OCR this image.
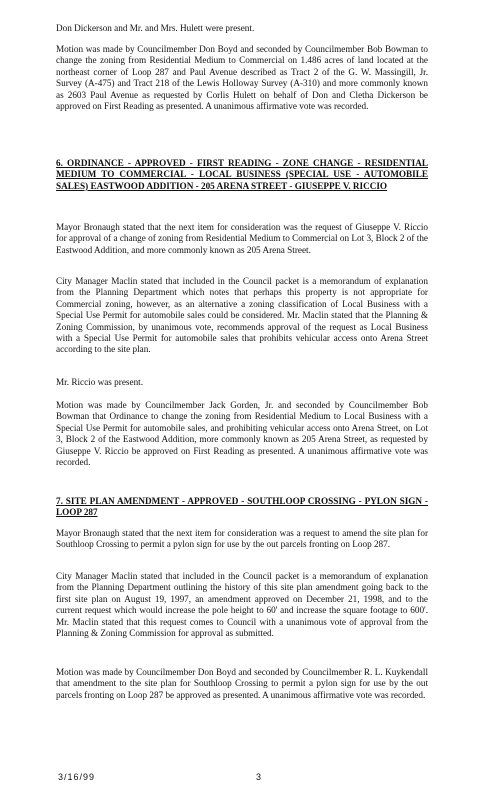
Don Dickerson and Mr. and Mrs. Hulett were present.
Motion was made by Councilmember Don Boyd and seconded by Councilmember Bob Bowman to change the zoning from Residential Medium to Commercial on 1.486 acres of land located at the northeast corner of Loop 287 and Paul Avenue described as Tract 2 of the G. W. Massingill, Jr. Survey (A-475) and Tract 218 of the Lewis Holloway Survey (A-310) and more commonly known as 2603 Paul Avenue as requested by Corlis Hulett on behalf of Don and Cletha Dickerson be approved on First Reading as presented. A unanimous affirmative vote was recorded.
6. ORDINANCE - APPROVED - FIRST READING - ZONE CHANGE - RESIDENTIAL MEDIUM TO COMMERCIAL - LOCAL BUSINESS (SPECIAL USE - AUTOMOBILE SALES) EASTWOOD ADDITION - 205 ARENA STREET - GIUSEPPE V. RICCIO
Mayor Bronaugh stated that the next item for consideration was the request of Giuseppe V. Riccio for approval of a change of zoning from Residential Medium to Commercial on Lot 3, Block 2 of the Eastwood Addition, and more commonly known as 205 Arena Street.
City Manager Maclin stated that included in the Council packet is a memorandum of explanation from the Planning Department which notes that perhaps this property is not appropriate for Commercial zoning, however, as an alternative a zoning classification of Local Business with a Special Use Permit for automobile sales could be considered. Mr. Maclin stated that the Planning & Zoning Commission, by unanimous vote, recommends approval of the request as Local Business with a Special Use Permit for automobile sales that prohibits vehicular access onto Arena Street according to the site plan.
Mr. Riccio was present.
Motion was made by Councilmember Jack Gorden, Jr. and seconded by Councilmember Bob Bowman that Ordinance to change the zoning from Residential Medium to Local Business with a Special Use Permit for automobile sales, and prohibiting vehicular access onto Arena Street, on Lot 3, Block 2 of the Eastwood Addition, more commonly known as 205 Arena Street, as requested by Giuseppe V. Riccio be approved on First Reading as presented. A unanimous affirmative vote was recorded.
7. SITE PLAN AMENDMENT - APPROVED - SOUTHLOOP CROSSING - PYLON SIGN - LOOP 287
Mayor Bronaugh stated that the next item for consideration was a request to amend the site plan for Southloop Crossing to permit a pylon sign for use by the out parcels fronting on Loop 287.
City Manager Maclin stated that included in the Council packet is a memorandum of explanation from the Planning Department outlining the history of this site plan amendment going back to the first site plan on August 19, 1997, an amendment approved on December 21, 1998, and to the current request which would increase the pole height to 60' and increase the square footage to 600'. Mr. Maclin stated that this request comes to Council with a unanimous vote of approval from the Planning & Zoning Commission for approval as submitted.
Motion was made by Councilmember Don Boyd and seconded by Councilmember R. L. Kuykendall that amendment to the site plan for Southloop Crossing to permit a pylon sign for use by the out parcels fronting on Loop 287 be approved as presented. A unanimous affirmative vote was recorded.
3/16/99	3
